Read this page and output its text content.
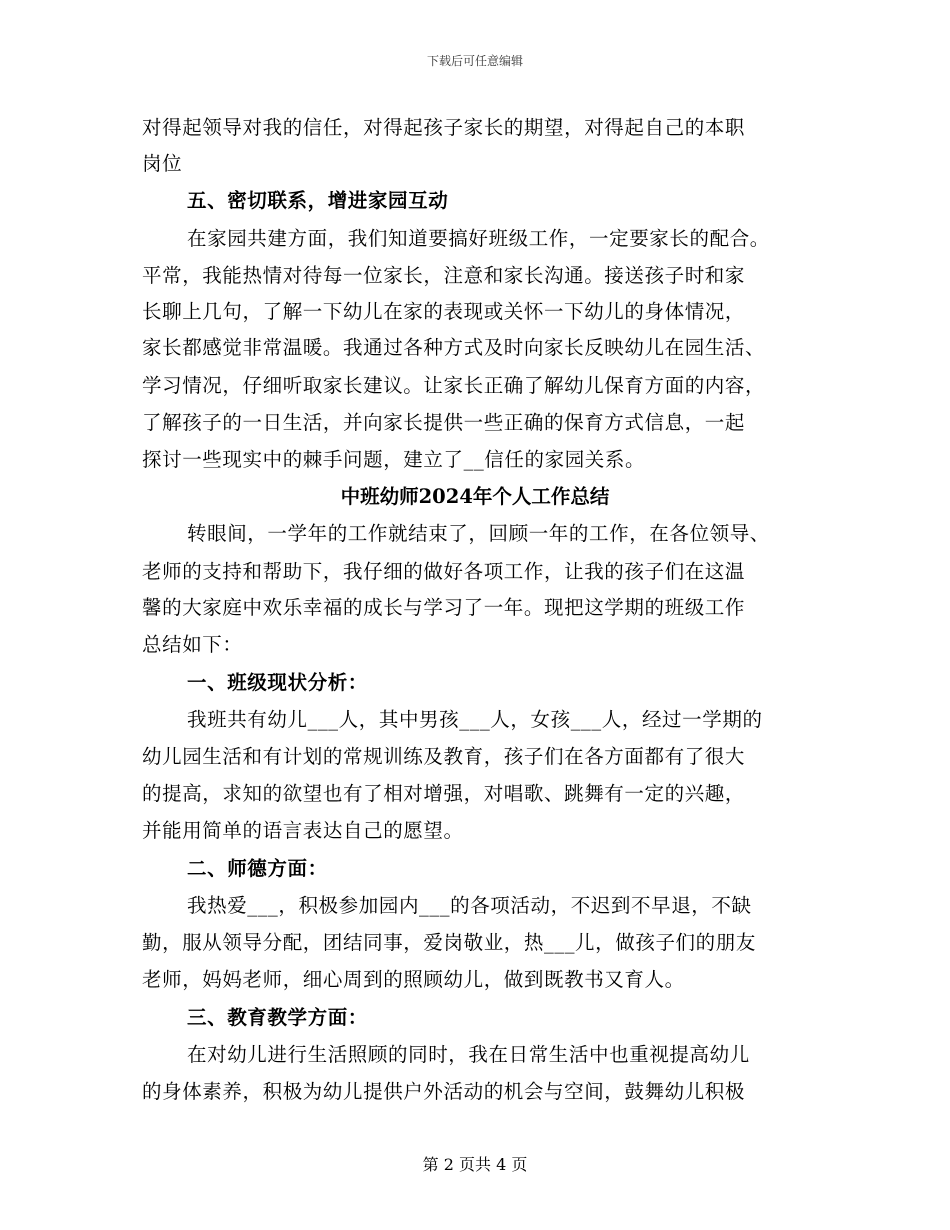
下载后可任意编辑
对得起领导对我的信任，对得起孩子家长的期望，对得起自己的本职
岗位
五、密切联系，增进家园互动
在家园共建方面，我们知道要搞好班级工作，一定要家长的配合。
平常，我能热情对待每一位家长，注意和家长沟通。接送孩子时和家
长聊上几句，了解一下幼儿在家的表现或关怀一下幼儿的身体情况，
家长都感觉非常温暖。我通过各种方式及时向家长反映幼儿在园生活、
学习情况，仔细听取家长建议。让家长正确了解幼儿保育方面的内容，
了解孩子的一日生活，并向家长提供一些正确的保育方式信息，一起
探讨一些现实中的棘手问题，建立了__信任的家园关系。
中班幼师2024年个人工作总结
转眼间，一学年的工作就结束了，回顾一年的工作，在各位领导、
老师的支持和帮助下，我仔细的做好各项工作，让我的孩子们在这温
馨的大家庭中欢乐幸福的成长与学习了一年。现把这学期的班级工作
总结如下：
一、班级现状分析：
我班共有幼儿___人，其中男孩___人，女孩___人，经过一学期的
幼儿园生活和有计划的常规训练及教育，孩子们在各方面都有了很大
的提高，求知的欲望也有了相对增强，对唱歌、跳舞有一定的兴趣，
并能用简单的语言表达自己的愿望。
二、师德方面：
我热爱___，积极参加园内___的各项活动，不迟到不早退，不缺
勤，服从领导分配，团结同事，爱岗敬业，热___儿，做孩子们的朋友
老师，妈妈老师，细心周到的照顾幼儿，做到既教书又育人。
三、教育教学方面：
在对幼儿进行生活照顾的同时，我在日常生活中也重视提高幼儿
的身体素养，积极为幼儿提供户外活动的机会与空间，鼓舞幼儿积极
第 2 页共 4 页
